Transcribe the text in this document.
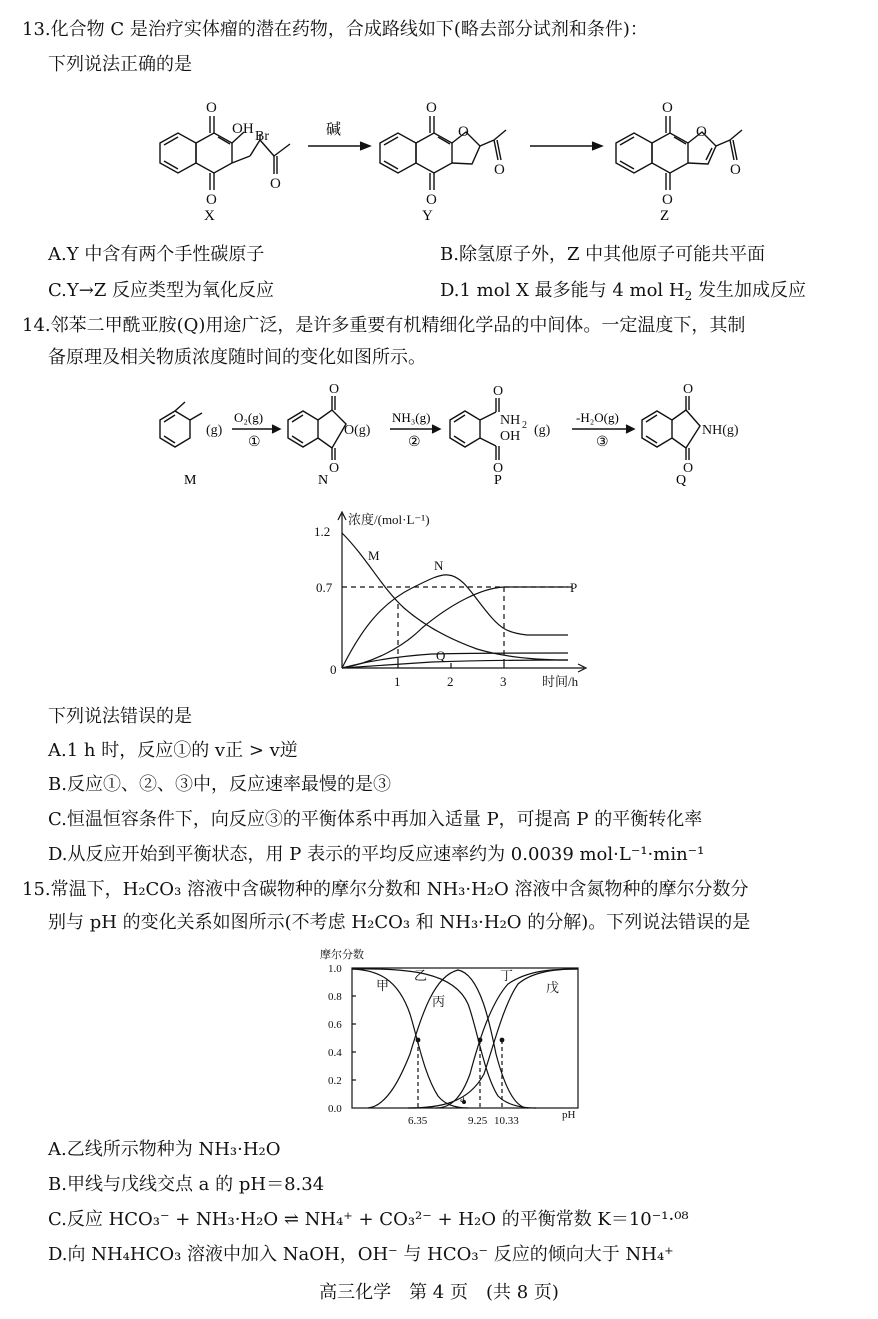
13.化合物 C 是治疗实体瘤的潜在药物，合成路线如下(略去部分试剂和条件)：
下列说法正确的是
O
O
OH Br
O
O
O
O
O
O
O
O
O
碱
X	Y	Z
A.Y 中含有两个手性碳原子	B.除氢原子外，Z 中其他原子可能共平面
C.Y→Z 反应类型为氧化反应	D.1 mol X 最多能与 4 mol $H_2$ 发生加成反应
14.邻苯二甲酰亚胺(Q)用途广泛，是许多重要有机精细化学品的中间体。一定温度下，其制
备原理及相关物质浓度随时间的变化如图所示。
(g)
O
O
O(g)
O
O
NH 2
OH (g)
O
O
NH(g)
O₂(g)	NH₃(g)	-H₂O(g)
①	②	③
M	N	P	Q
1.2
0.7
0
1	2	3
浓度/(mol·L⁻¹)
时间/h
M
N
P
Q
下列说法错误的是
A.1 h 时，反应①的 v正 > v逆
B.反应①、②、③中，反应速率最慢的是③
C.恒温恒容条件下，向反应③的平衡体系中再加入适量 P，可提高 P 的平衡转化率
D.从反应开始到平衡状态，用 P 表示的平均反应速率约为 0.0039 mol·L⁻¹·min⁻¹
15.常温下，H₂CO₃ 溶液中含碳物种的摩尔分数和 NH₃·H₂O 溶液中含氮物种的摩尔分数分
别与 pH 的变化关系如图所示(不考虑 H₂CO₃ 和 NH₃·H₂O 的分解)。下列说法错误的是
摩尔分数
1.0
0.8
0.6
0.4
0.2
0.0
6.35	9.25 10.33	pH
a
甲
乙
丙
丁
戊
A.乙线所示物种为 NH₃·H₂O
B.甲线与戊线交点 a 的 pH＝8.34
C.反应 HCO₃⁻ + NH₃·H₂O ⇌ NH₄⁺ + CO₃²⁻ + H₂O 的平衡常数 K＝10⁻¹·⁰⁸
D.向 NH₄HCO₃ 溶液中加入 NaOH，OH⁻ 与 HCO₃⁻ 反应的倾向大于 NH₄⁺
高三化学　第 4 页　(共 8 页)
